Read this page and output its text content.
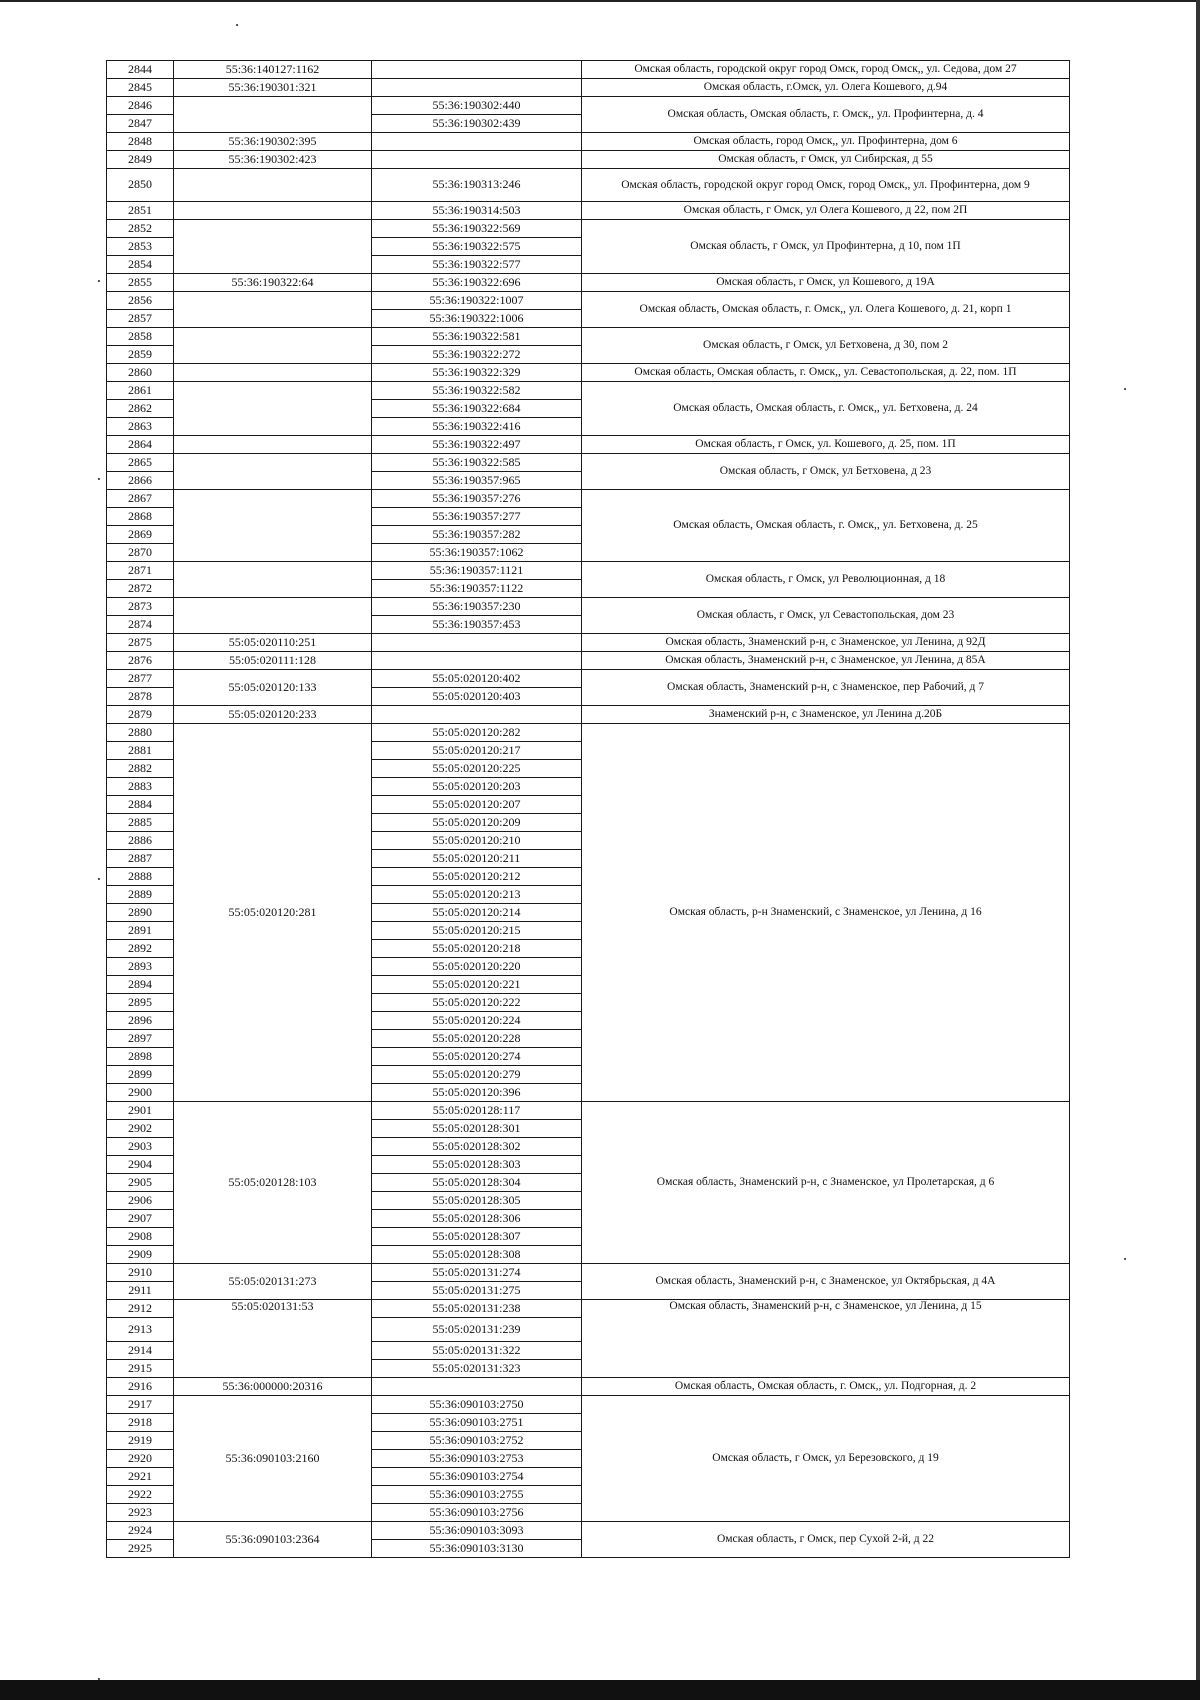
2844	55:36:140127:1162		Омская область, городской округ город Омск, город Омск,, ул. Седова, дом 27
2845	55:36:190301:321		Омская область, г.Омск, ул. Олега Кошевого, д.94
2846		55:36:190302:440	Омская область, Омская область, г. Омск,, ул. Профинтерна, д. 4
2847		55:36:190302:439	
2848	55:36:190302:395		Омская область, город Омск,, ул. Профинтерна, дом 6
2849	55:36:190302:423		Омская область, г Омск, ул Сибирская, д 55
2850		55:36:190313:246	Омская область, городской округ город Омск, город Омск,, ул. Профинтерна, дом 9
2851		55:36:190314:503	Омская область, г Омск, ул Олега Кошевого, д 22, пом 2П
2852		55:36:190322:569	Омская область, г Омск, ул Профинтерна, д 10, пом 1П
2853		55:36:190322:575	
2854		55:36:190322:577	
2855	55:36:190322:64	55:36:190322:696	Омская область, г Омск, ул Кошевого, д 19А
2856		55:36:190322:1007	Омская область, Омская область, г. Омск,, ул. Олега Кошевого, д. 21, корп 1
2857		55:36:190322:1006	
2858		55:36:190322:581	Омская область, г Омск, ул Бетховена, д 30, пом 2
2859		55:36:190322:272	
2860		55:36:190322:329	Омская область, Омская область, г. Омск,, ул. Севастопольская, д. 22, пом. 1П
2861		55:36:190322:582	Омская область, Омская область, г. Омск,, ул. Бетховена, д. 24
2862		55:36:190322:684	
2863		55:36:190322:416	
2864		55:36:190322:497	Омская область, г Омск, ул. Кошевого, д. 25, пом. 1П
2865		55:36:190322:585	Омская область, г Омск, ул Бетховена, д 23
2866		55:36:190357:965	
2867		55:36:190357:276	Омская область, Омская область, г. Омск,, ул. Бетховена, д. 25
2868		55:36:190357:277	
2869		55:36:190357:282	
2870		55:36:190357:1062	
2871		55:36:190357:1121	Омская область, г Омск, ул Революционная, д 18
2872		55:36:190357:1122	
2873		55:36:190357:230	Омская область, г Омск, ул Севастопольская, дом 23
2874		55:36:190357:453	
2875	55:05:020110:251		Омская область, Знаменский р-н, с Знаменское, ул Ленина, д 92Д
2876	55:05:020111:128		Омская область, Знаменский р-н, с Знаменское, ул Ленина, д 85А
2877	55:05:020120:133	55:05:020120:402	Омская область, Знаменский р-н, с Знаменское, пер Рабочий, д 7
2878		55:05:020120:403	
2879	55:05:020120:233		Знаменский р-н, с Знаменское, ул Ленина д.20Б
2880	55:05:020120:281	55:05:020120:282	Омская область, р-н Знаменский, с Знаменское, ул Ленина, д 16
2881		55:05:020120:217	
2882		55:05:020120:225	
2883		55:05:020120:203	
2884		55:05:020120:207	
2885		55:05:020120:209	
2886		55:05:020120:210	
2887		55:05:020120:211	
2888		55:05:020120:212	
2889		55:05:020120:213	
2890		55:05:020120:214	
2891		55:05:020120:215	
2892		55:05:020120:218	
2893		55:05:020120:220	
2894		55:05:020120:221	
2895		55:05:020120:222	
2896		55:05:020120:224	
2897		55:05:020120:228	
2898		55:05:020120:274	
2899		55:05:020120:279	
2900		55:05:020120:396	
2901	55:05:020128:103	55:05:020128:117	Омская область, Знаменский р-н, с Знаменское, ул Пролетарская, д 6
2902		55:05:020128:301	
2903		55:05:020128:302	
2904		55:05:020128:303	
2905		55:05:020128:304	
2906		55:05:020128:305	
2907		55:05:020128:306	
2908		55:05:020128:307	
2909		55:05:020128:308	
2910	55:05:020131:273	55:05:020131:274	Омская область, Знаменский р-н, с Знаменское, ул Октябрьская, д 4А
2911		55:05:020131:275	
2912	55:05:020131:53	55:05:020131:238	Омская область, Знаменский р-н, с Знаменское, ул Ленина, д 15
2913		55:05:020131:239	
2914		55:05:020131:322	
2915		55:05:020131:323	
2916	55:36:000000:20316		Омская область, Омская область, г. Омск,, ул. Подгорная, д. 2
2917	55:36:090103:2160	55:36:090103:2750	Омская область, г Омск, ул Березовского, д 19
2918		55:36:090103:2751	
2919		55:36:090103:2752	
2920		55:36:090103:2753	
2921		55:36:090103:2754	
2922		55:36:090103:2755	
2923		55:36:090103:2756	
2924	55:36:090103:2364	55:36:090103:3093	Омская область, г Омск, пер Сухой 2-й, д 22
2925		55:36:090103:3130	
